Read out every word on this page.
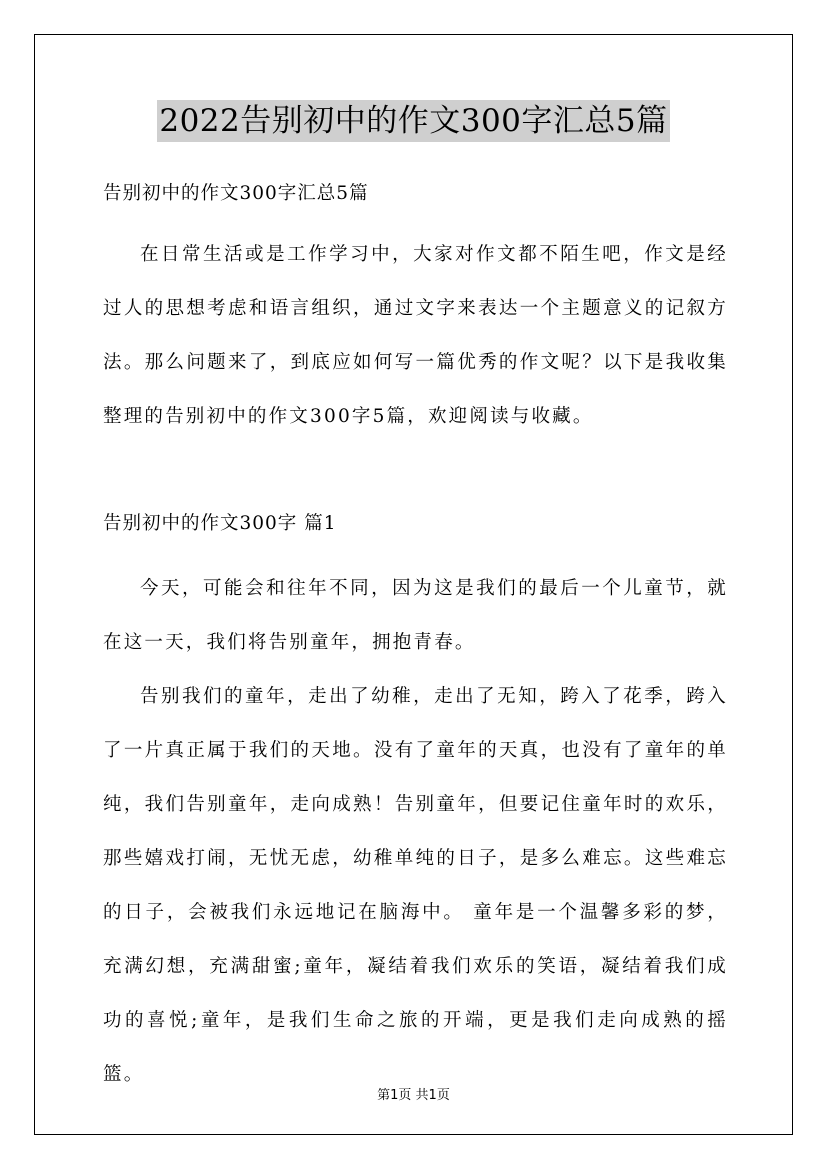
2022告别初中的作文300字汇总5篇

告别初中的作文300字汇总5篇

在日常生活或是工作学习中，大家对作文都不陌生吧，作文是经过人的思想考虑和语言组织，通过文字来表达一个主题意义的记叙方法。那么问题来了，到底应如何写一篇优秀的作文呢？以下是我收集整理的告别初中的作文300字5篇，欢迎阅读与收藏。

告别初中的作文300字 篇1

今天，可能会和往年不同，因为这是我们的最后一个儿童节，就在这一天，我们将告别童年，拥抱青春。

告别我们的童年，走出了幼稚，走出了无知，跨入了花季，跨入了一片真正属于我们的天地。没有了童年的天真，也没有了童年的单纯，我们告别童年，走向成熟！告别童年，但要记住童年时的欢乐，那些嬉戏打闹，无忧无虑，幼稚单纯的日子，是多么难忘。这些难忘的日子，会被我们永远地记在脑海中。 童年是一个温馨多彩的梦，充满幻想，充满甜蜜;童年，凝结着我们欢乐的笑语，凝结着我们成功的喜悦;童年，是我们生命之旅的开端，更是我们走向成熟的摇篮。

第1页 共1页
